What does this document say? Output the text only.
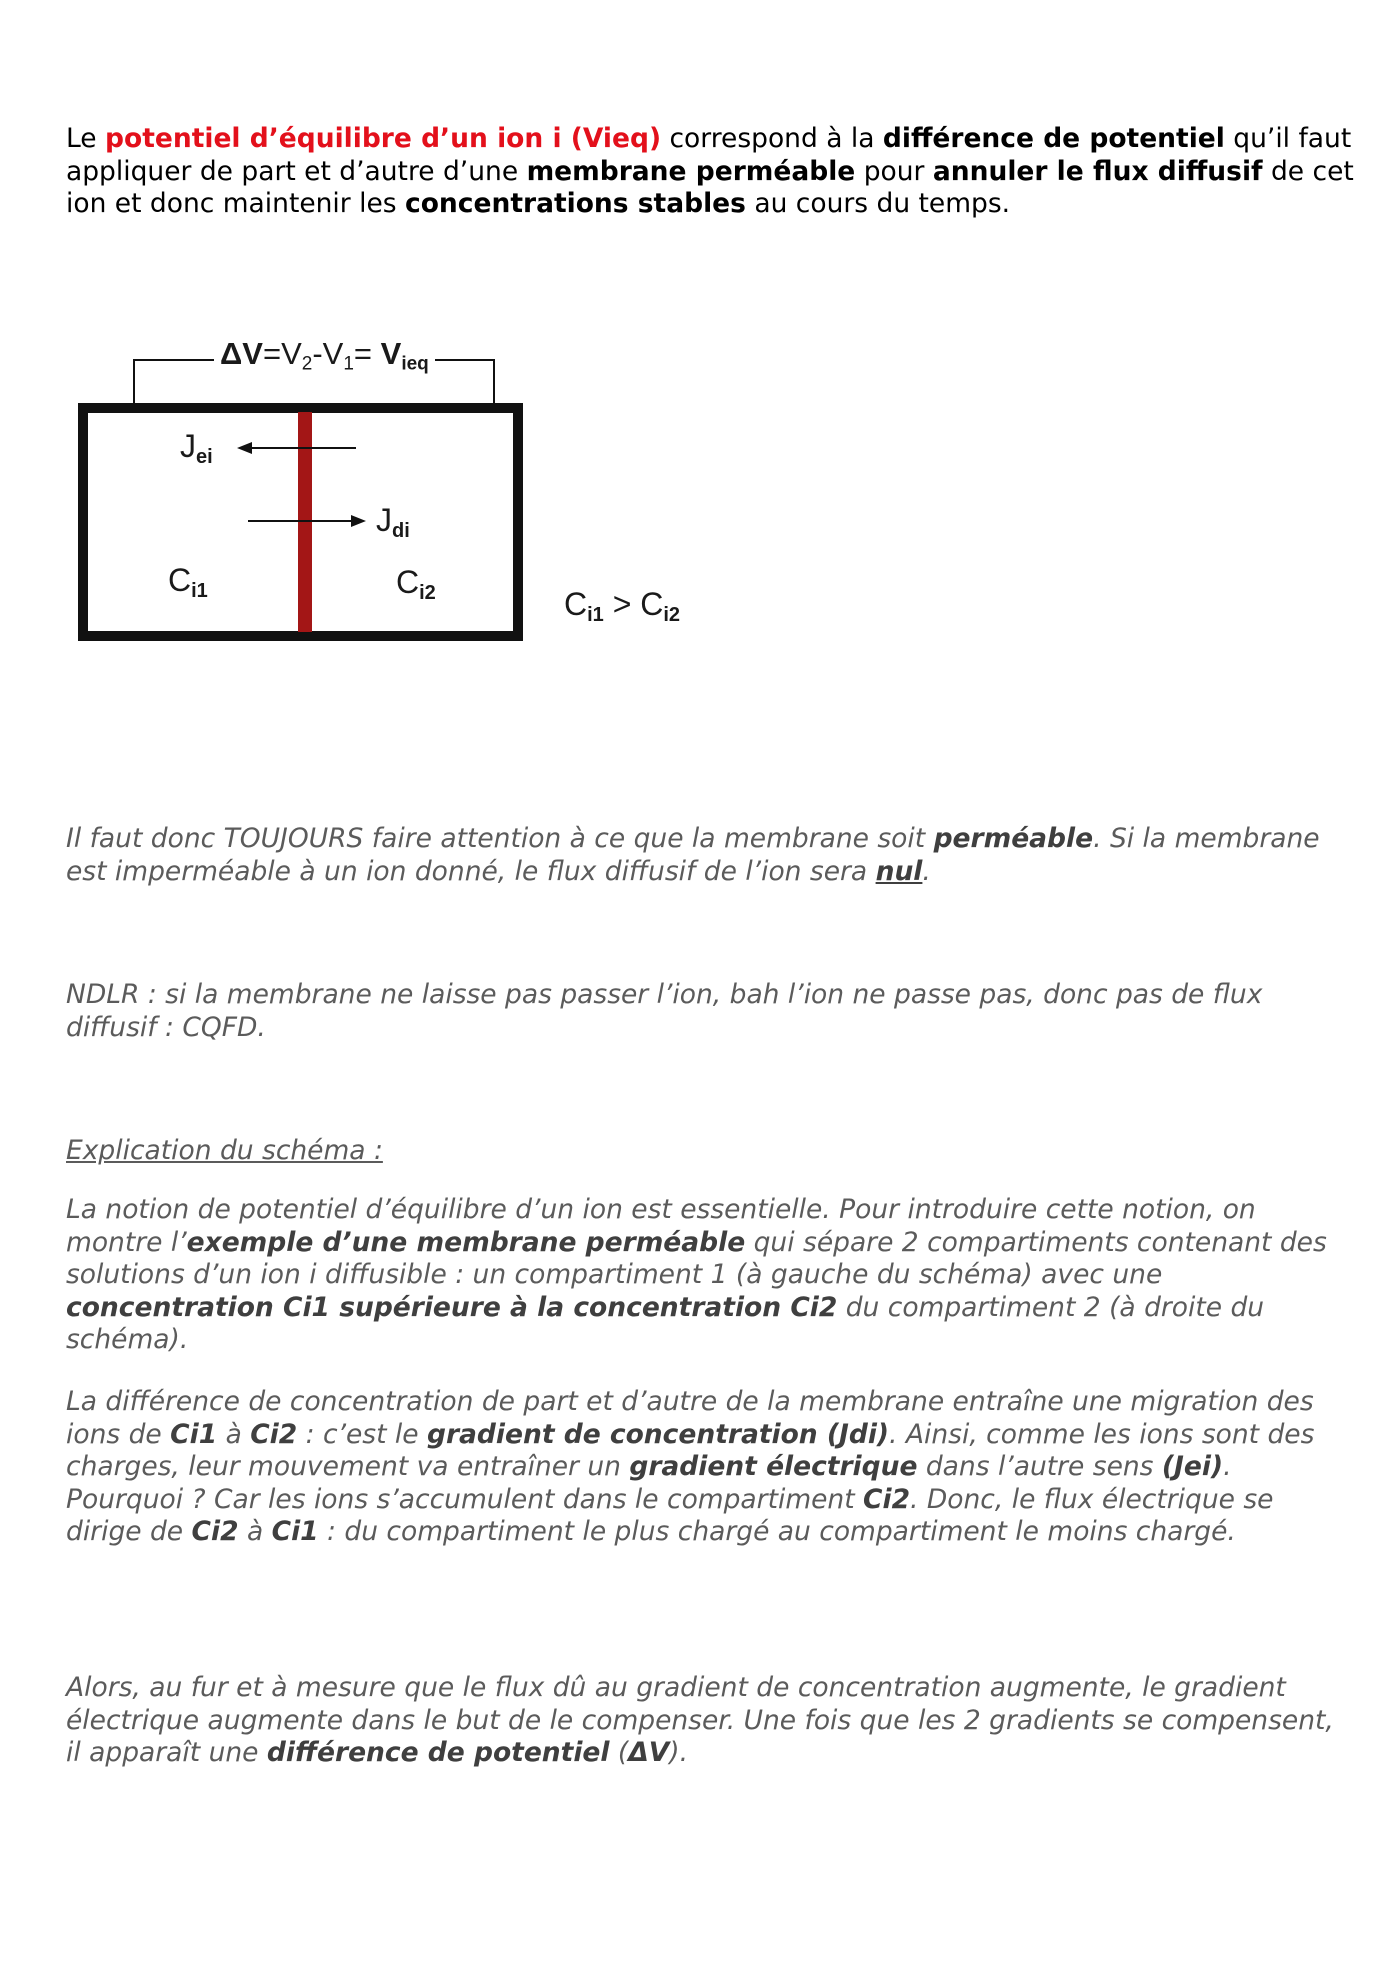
Le potentiel d’équilibre d’un ion i (Vieq) correspond à la différence de potentiel qu’il faut appliquer de part et d’autre d’une membrane perméable pour annuler le flux diffusif de cet ion et donc maintenir les concentrations stables au cours du temps.

$\Delta V=V_2-V_1= V_{ieq}$
$J_{ei}$
$J_{di}$
$C_{i1}$	$C_{i2}$	$C_{i1} > C_{i2}$

Il faut donc TOUJOURS faire attention à ce que la membrane soit perméable. Si la membrane est imperméable à un ion donné, le flux diffusif de l’ion sera nul.

NDLR : si la membrane ne laisse pas passer l’ion, bah l’ion ne passe pas, donc pas de flux diffusif : CQFD.

Explication du schéma :

La notion de potentiel d’équilibre d’un ion est essentielle. Pour introduire cette notion, on montre l’exemple d’une membrane perméable qui sépare 2 compartiments contenant des solutions d’un ion i diffusible : un compartiment 1 (à gauche du schéma) avec une concentration Ci1 supérieure à la concentration Ci2 du compartiment 2 (à droite du schéma).

La différence de concentration de part et d’autre de la membrane entraîne une migration des ions de Ci1 à Ci2 : c’est le gradient de concentration (Jdi). Ainsi, comme les ions sont des charges, leur mouvement va entraîner un gradient électrique dans l’autre sens (Jei). Pourquoi ? Car les ions s’accumulent dans le compartiment Ci2. Donc, le flux électrique se dirige de Ci2 à Ci1 : du compartiment le plus chargé au compartiment le moins chargé.

Alors, au fur et à mesure que le flux dû au gradient de concentration augmente, le gradient électrique augmente dans le but de le compenser. Une fois que les 2 gradients se compensent, il apparaît une différence de potentiel (ΔV).
